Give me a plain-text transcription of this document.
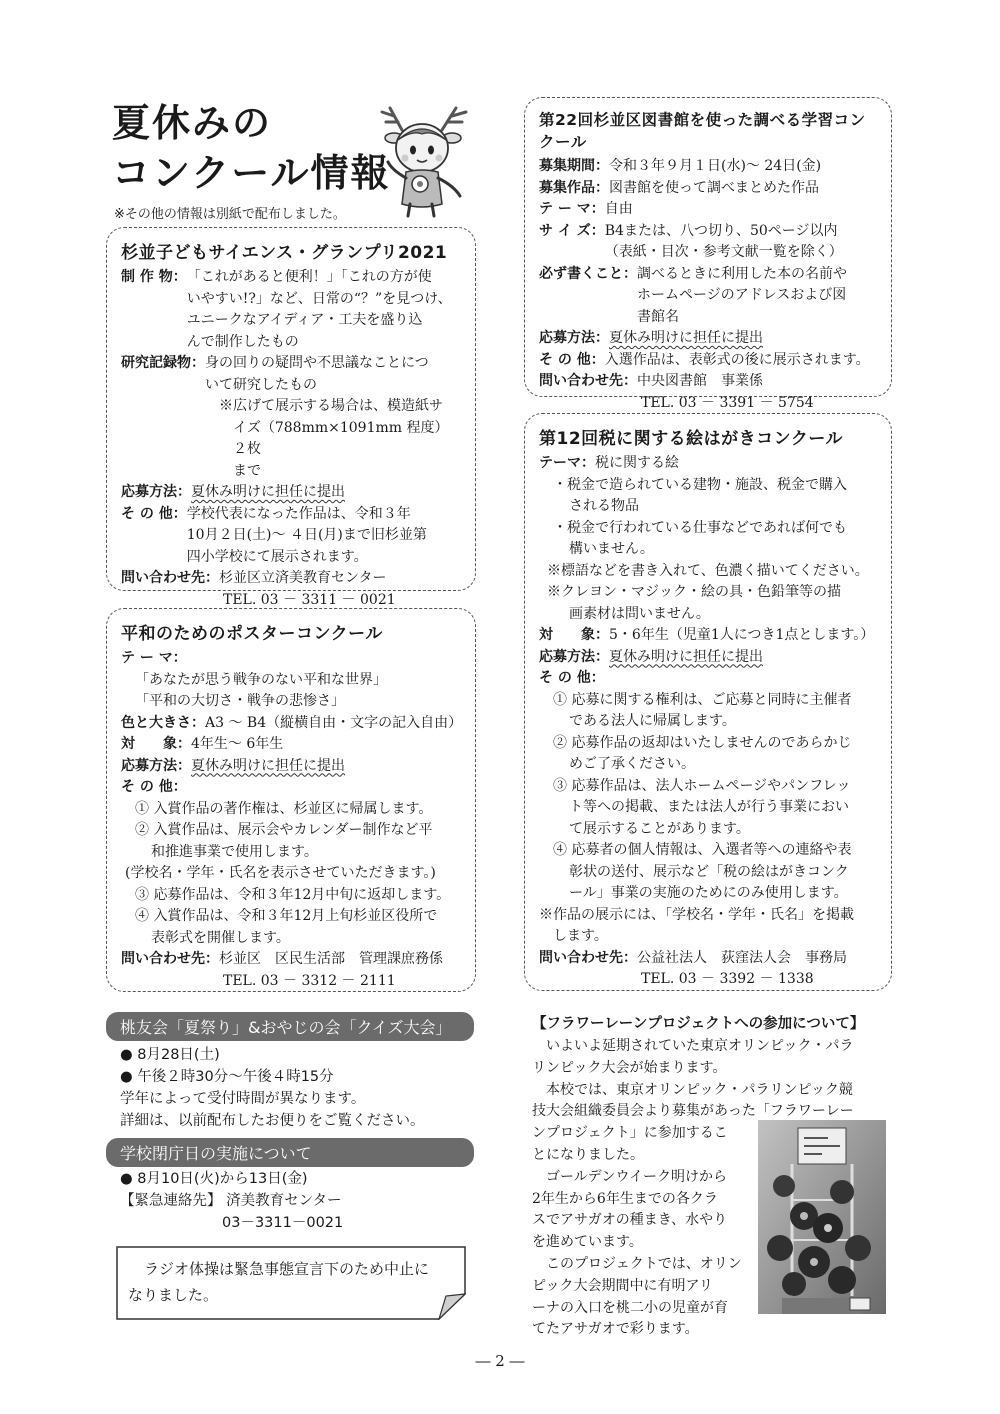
夏休みの
コンクール情報
※その他の情報は別紙で配布しました。
杉並子どもサイエンス・グランプリ2021
制 作 物： 「これがあると便利！」「これの方が使
いやすい!?」など、日常の“？”を見つけ、
ユニークなアイディア・工夫を盛り込
んで制作したもの
研究記録物： 身の回りの疑問や不思議なことにつ
いて研究したもの
※広げて展示する場合は、模造紙サ
イズ（788mm×1091mm 程度）２枚
まで
応募方法： 夏休み明けに担任に提出
そ の 他： 学校代表になった作品は、令和３年
10月２日(土)～ ４日(月)まで旧杉並第
四小学校にて展示されます。
問い合わせ先： 杉並区立済美教育センター
TEL. 03 － 3311 － 0021
平和のためのポスターコンクール
テ ー マ：
「あなたが思う戦争のない平和な世界」
「平和の大切さ・戦争の悲惨さ」
色と大きさ： A3 ～ B4（縦横自由・文字の記入自由）
対　　象： 4年生～ 6年生
応募方法： 夏休み明けに担任に提出
そ の 他：
① 入賞作品の著作権は、杉並区に帰属します。
② 入賞作品は、展示会やカレンダー制作など平
和推進事業で使用します。
(学校名・学年・氏名を表示させていただきます。)
③ 応募作品は、令和３年12月中旬に返却します。
④ 入賞作品は、令和３年12月上旬杉並区役所で
表彰式を開催します。
問い合わせ先： 杉並区　区民生活部　管理課庶務係
TEL. 03 － 3312 － 2111
第22回杉並区図書館を使った調べる学習コンクール
募集期間： 令和３年９月１日(水)～ 24日(金)
募集作品： 図書館を使って調べまとめた作品
テ ー マ： 自由
サ イ ズ： B4または、八つ切り、50ページ以内
（表紙・目次・参考文献一覧を除く）
必ず書くこと： 調べるときに利用した本の名前や
ホームページのアドレスおよび図
書館名
応募方法： 夏休み明けに担任に提出
そ の 他： 入選作品は、表彰式の後に展示されます。
問い合わせ先： 中央図書館　事業係
TEL. 03 － 3391 － 5754
第12回税に関する絵はがきコンクール
テーマ： 税に関する絵
・税金で造られている建物・施設、税金で購入
される物品
・税金で行われている仕事などであれば何でも
構いません。
※標語などを書き入れて、色濃く描いてください。
※クレヨン・マジック・絵の具・色鉛筆等の描
画素材は問いません。
対　　象： 5・6年生（児童1人につき1点とします。）
応募方法： 夏休み明けに担任に提出
そ の 他：
① 応募に関する権利は、ご応募と同時に主催者
である法人に帰属します。
② 応募作品の返却はいたしませんのであらかじ
めご了承ください。
③ 応募作品は、法人ホームページやパンフレッ
ト等への掲載、または法人が行う事業におい
て展示することがあります。
④ 応募者の個人情報は、入選者等への連絡や表
彰状の送付、展示など「税の絵はがきコンク
ール」事業の実施のためにのみ使用します。
※作品の展示には、「学校名・学年・氏名」を掲載
します。
問い合わせ先： 公益社法人　荻窪法人会　事務局
TEL. 03 － 3392 － 1338
桃友会「夏祭り」&おやじの会「クイズ大会」
● 8月28日(土)
● 午後２時30分～午後４時15分
学年によって受付時間が異なります。
詳細は、以前配布したお便りをご覧ください。
学校閉庁日の実施について
● 8月10日(火)から13日(金)
【緊急連絡先】 済美教育センター
03－3311－0021
ラジオ体操は緊急事態宣言下のため中止に
なりました。
【フラワーレーンプロジェクトへの参加について】
いよいよ延期されていた東京オリンピック・パラ
リンピック大会が始まります。
本校では、東京オリンピック・パラリンピック競
技大会組織委員会より募集があった「フラワーレー
ンプロジェクト」に参加するこ
とになりました。
ゴールデンウイーク明けから
2年生から6年生までの各クラ
スでアサガオの種まき、水やり
を進めています。
このプロジェクトでは、オリン
ピック大会期間中に有明アリ
ーナの入口を桃二小の児童が育
てたアサガオで彩ります。
― 2 ―
